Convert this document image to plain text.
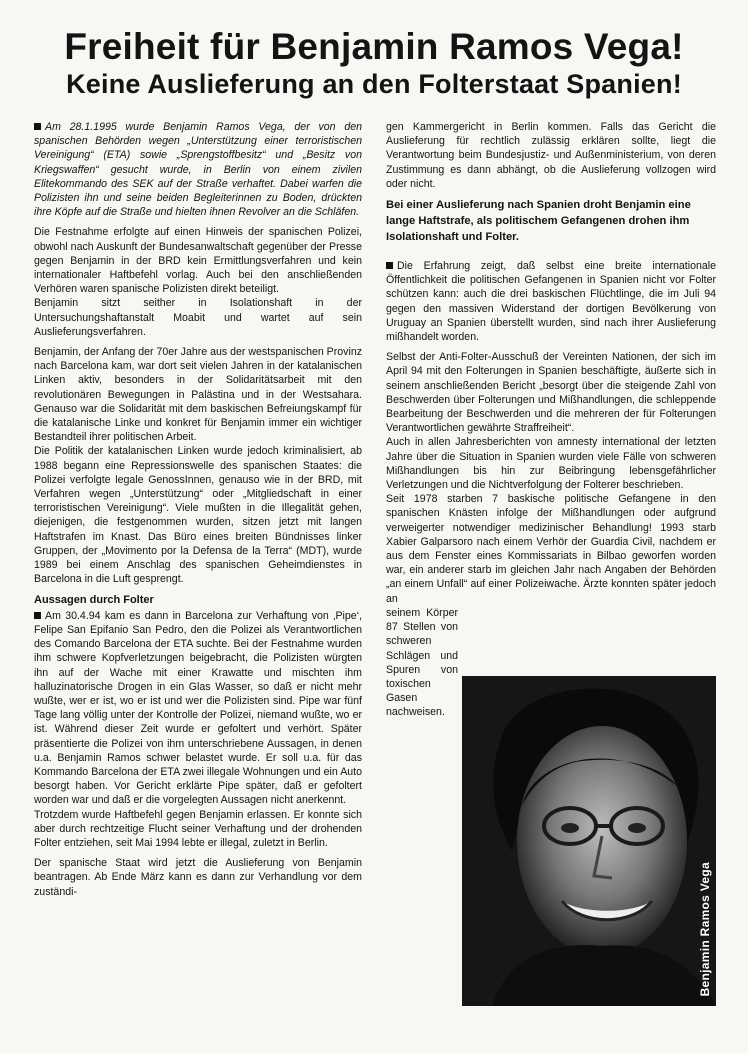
Freiheit für Benjamin Ramos Vega!
Keine Auslieferung an den Folterstaat Spanien!

Am 28.1.1995 wurde Benjamin Ramos Vega, der von den spanischen Behörden wegen „Unterstützung einer terroristischen Vereinigung“ (ETA) sowie „Sprengstoffbesitz“ und „Besitz von Kriegswaffen“ gesucht wurde, in Berlin von einem zivilen Elitekommando des SEK auf der Straße verhaftet. Dabei warfen die Polizisten ihn und seine beiden Begleiterinnen zu Boden, drückten ihre Köpfe auf die Straße und hielten ihnen Revolver an die Schläfen.

Die Festnahme erfolgte auf einen Hinweis der spanischen Polizei, obwohl nach Auskunft der Bundesanwaltschaft gegenüber der Presse gegen Benjamin in der BRD kein Ermittlungsverfahren und kein internationaler Haftbefehl vorlag. Auch bei den anschließenden Verhören waren spanische Polizisten direkt beteiligt.

Benjamin sitzt seither in Isolationshaft in der Untersuchungshaftanstalt Moabit und wartet auf sein Auslieferungsverfahren.

Benjamin, der Anfang der 70er Jahre aus der westspanischen Provinz nach Barcelona kam, war dort seit vielen Jahren in der katalanischen Linken aktiv, besonders in der Solidaritätsarbeit mit den revolutionären Bewegungen in Palästina und in der Westsahara. Genauso war die Solidarität mit dem baskischen Befreiungskampf für die katalanische Linke und konkret für Benjamin immer ein wichtiger Bestandteil ihrer politischen Arbeit.

Die Politik der katalanischen Linken wurde jedoch kriminalisiert, ab 1988 begann eine Repressionswelle des spanischen Staates: die Polizei verfolgte legale GenossInnen, genauso wie in der BRD, mit Verfahren wegen „Unterstützung“ oder „Mitgliedschaft in einer terroristischen Vereinigung“. Viele mußten in die Illegalität gehen, diejenigen, die festgenommen wurden, sitzen jetzt mit langen Haftstrafen im Knast. Das Büro eines breiten Bündnisses linker Gruppen, der „Movimento por la Defensa de la Terra“ (MDT), wurde 1989 bei einem Anschlag des spanischen Geheimdienstes in Barcelona in die Luft gesprengt.

Aussagen durch Folter

Am 30.4.94 kam es dann in Barcelona zur Verhaftung von ‚Pipe‘, Felipe San Epifanio San Pedro, den die Polizei als Verantwortlichen des Comando Barcelona der ETA suchte. Bei der Festnahme wurden ihm schwere Kopfverletzungen beigebracht, die Polizisten würgten ihn auf der Wache mit einer Krawatte und mischten ihm halluzinatorische Drogen in ein Glas Wasser, so daß er nicht mehr wußte, wer er ist, wo er ist und wer die Polizisten sind. Pipe war fünf Tage lang völlig unter der Kontrolle der Polizei, niemand wußte, wo er ist. Während dieser Zeit wurde er gefoltert und verhört. Später präsentierte die Polizei von ihm unterschriebene Aussagen, in denen u.a. Benjamin Ramos schwer belastet wurde. Er soll u.a. für das Kommando Barcelona der ETA zwei illegale Wohnungen und ein Auto besorgt haben. Vor Gericht erklärte Pipe später, daß er gefoltert worden war und daß er die vorgelegten Aussagen nicht anerkennt.

Trotzdem wurde Haftbefehl gegen Benjamin erlassen. Er konnte sich aber durch rechtzeitige Flucht seiner Verhaftung und der drohenden Folter entziehen, seit Mai 1994 lebte er illegal, zuletzt in Berlin.

Der spanische Staat wird jetzt die Auslieferung von Benjamin beantragen. Ab Ende März kann es dann zur Verhandlung vor dem zuständi-

gen Kammergericht in Berlin kommen. Falls das Gericht die Auslieferung für rechtlich zulässig erklären sollte, liegt die Verantwortung beim Bundesjustiz- und Außenministerium, von deren Zustimmung es dann abhängt, ob die Auslieferung vollzogen wird oder nicht.

Bei einer Auslieferung nach Spanien droht Benjamin eine lange Haftstrafe, als politischem Gefangenen drohen ihm Isolationshaft und Folter.

Die Erfahrung zeigt, daß selbst eine breite internationale Öffentlichkeit die politischen Gefangenen in Spanien nicht vor Folter schützen kann: auch die drei baskischen Flüchtlinge, die im Juli 94 gegen den massiven Widerstand der dortigen Bevölkerung von Uruguay an Spanien überstellt wurden, sind nach ihrer Auslieferung mißhandelt worden.

Selbst der Anti-Folter-Ausschuß der Vereinten Nationen, der sich im April 94 mit den Folterungen in Spanien beschäftigte, äußerte sich in seinem anschließenden Bericht „besorgt über die steigende Zahl von Beschwerden über Folterungen und Mißhandlungen, die schleppende Bearbeitung der Beschwerden und die mehreren der für Folterungen Verantwortlichen gewährte Straffreiheit“.

Auch in allen Jahresberichten von amnesty international der letzten Jahre über die Situation in Spanien wurden viele Fälle von schweren Mißhandlungen bis hin zur Beibringung lebensgefährlicher Verletzungen und die Nichtverfolgung der Folterer beschrieben.

Seit 1978 starben 7 baskische politische Gefangene in den spanischen Knästen infolge der Mißhandlungen oder aufgrund verweigerter notwendiger medizinischer Behandlung! 1993 starb Xabier Galparsoro nach einem Verhör der Guardia Civil, nachdem er aus dem Fenster eines Kommissariats in Bilbao geworfen worden war, ein anderer starb im gleichen Jahr nach Angaben der Behörden „an einem Unfall“ auf einer Polizeiwache. Ärzte konnten später jedoch an

seinem Körper 87 Stellen von schweren Schlägen und Spuren von toxischen Gasen nachweisen.

Benjamin Ramos Vega
